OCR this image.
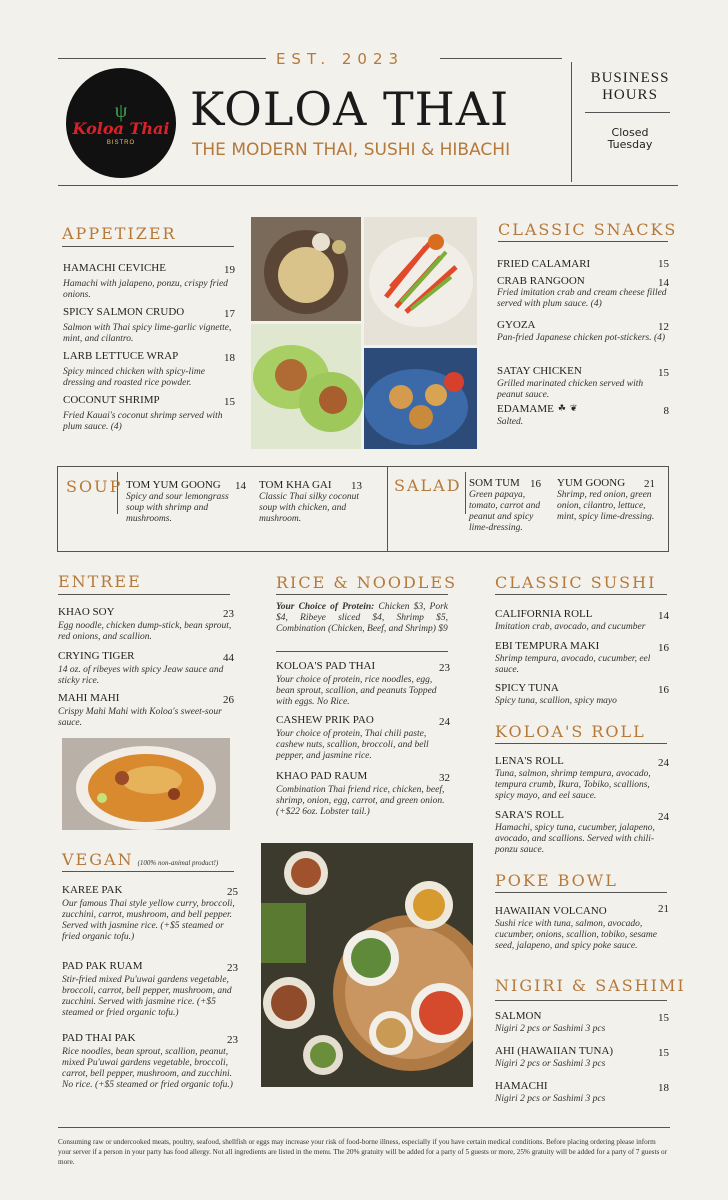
EST. 2023
ψ
Koloa Thai
BISTRO
KOLOA THAI
THE MODERN THAI, SUSHI & HIBACHI
BUSINESS
HOURS
Closed
Tuesday
APPETIZER
HAMACHI CEVICHE	19
Hamachi with jalapeno, ponzu, crispy fried onions.
SPICY SALMON CRUDO	17
Salmon with Thai spicy lime-garlic vignette, mint, and cilantro.
LARB LETTUCE WRAP	18
Spicy minced chicken with spicy-lime dressing and roasted rice powder.
COCONUT SHRIMP	15
Fried Kauai's coconut shrimp served with plum sauce. (4)
CLASSIC SNACKS
FRIED CALAMARI	15
CRAB RANGOON	14
Fried imitation crab and cream cheese filled served with plum sauce. (4)
GYOZA	12
Pan-fried Japanese chicken pot-stickers. (4)
SATAY CHICKEN	15
Grilled marinated chicken served with peanut sauce.
EDAMAME ☘ ❦	8
Salted.
SOUP	SALAD
TOM YUM GOONG	14
Spicy and sour lemongrass soup with shrimp and mushrooms.
TOM KHA GAI	13
Classic Thai silky coconut soup with chicken, and mushroom.
SOM TUM 16
Green papaya, tomato, carrot and peanut and spicy lime-dressing.
YUM GOONG	21
Shrimp, red onion, green onion, cilantro, lettuce, mint, spicy lime-dressing.
ENTREE
KHAO SOY	23
Egg noodle, chicken dump-stick, bean sprout, red onions, and scallion.
CRYING TIGER	44
14 oz. of ribeyes with spicy Jeaw sauce and sticky rice.
MAHI MAHI	26
Crispy Mahi Mahi with Koloa's sweet-sour sauce.
VEGAN (100% non-animal product!)
KAREE PAK	25
Our famous Thai style yellow curry, broccoli, zucchini, carrot, mushroom, and bell pepper. Served with jasmine rice. (+$5 steamed or fried organic tofu.)
PAD PAK RUAM	23
Stir-fried mixed Pu'uwai gardens vegetable, broccoli, carrot, bell pepper, mushroom, and zucchini. Served with jasmine rice. (+$5 steamed or fried organic tofu.)
PAD THAI PAK	23
Rice noodles, bean sprout, scallion, peanut, mixed Pu'uwai gardens vegetable, broccoli, carrot, bell pepper, mushroom, and zucchini. No rice. (+$5 steamed or fried organic tofu.)
RICE & NOODLES
Your Choice of Protein: Chicken $3, Pork $4, Ribeye sliced $4, Shrimp $5, Combination (Chicken, Beef, and Shrimp) $9
KOLOA'S PAD THAI	23
Your choice of protein, rice noodles, egg, bean sprout, scallion, and peanuts Topped with eggs. No Rice.
CASHEW PRIK PAO	24
Your choice of protein, Thai chili paste, cashew nuts, scallion, broccoli, and bell pepper, and jasmine rice.
KHAO PAD RAUM	32
Combination Thai friend rice, chicken, beef, shrimp, onion, egg, carrot, and green onion. (+$22 6oz. Lobster tail.)
CLASSIC SUSHI
CALIFORNIA ROLL	14
Imitation crab, avocado, and cucumber
EBI TEMPURA MAKI	16
Shrimp tempura, avocado, cucumber, eel sauce.
SPICY TUNA	16
Spicy tuna, scallion, spicy mayo
KOLOA'S ROLL
LENA'S ROLL	24
Tuna, salmon, shrimp tempura, avocado, tempura crumb, Ikura, Tobiko, scallions, spicy mayo, and eel sauce.
SARA'S ROLL	24
Hamachi, spicy tuna, cucumber, jalapeno, avocado, and scallions. Served with chili-ponzu sauce.
POKE BOWL
HAWAIIAN VOLCANO	21
Sushi rice with tuna, salmon, avocado, cucumber, onions, scallion, tobiko, sesame seed, jalapeno, and spicy poke sauce.
NIGIRI & SASHIMI
SALMON	15
Nigiri 2 pcs or Sashimi 3 pcs
AHI (HAWAIIAN TUNA)	15
Nigiri 2 pcs or Sashimi 3 pcs
HAMACHI	18
Nigiri 2 pcs or Sashimi 3 pcs
Consuming raw or undercooked meats, poultry, seafood, shellfish or eggs may increase your risk of food-borne illness, especially if you have certain medical conditions. Before placing ordering please inform your server if a person in your party has food allergy. Not all ingredients are listed in the menu. The 20% gratuity will be added for a party of 5 guests or more, 25% gratuity will be added for a party of 7 guests or more.
